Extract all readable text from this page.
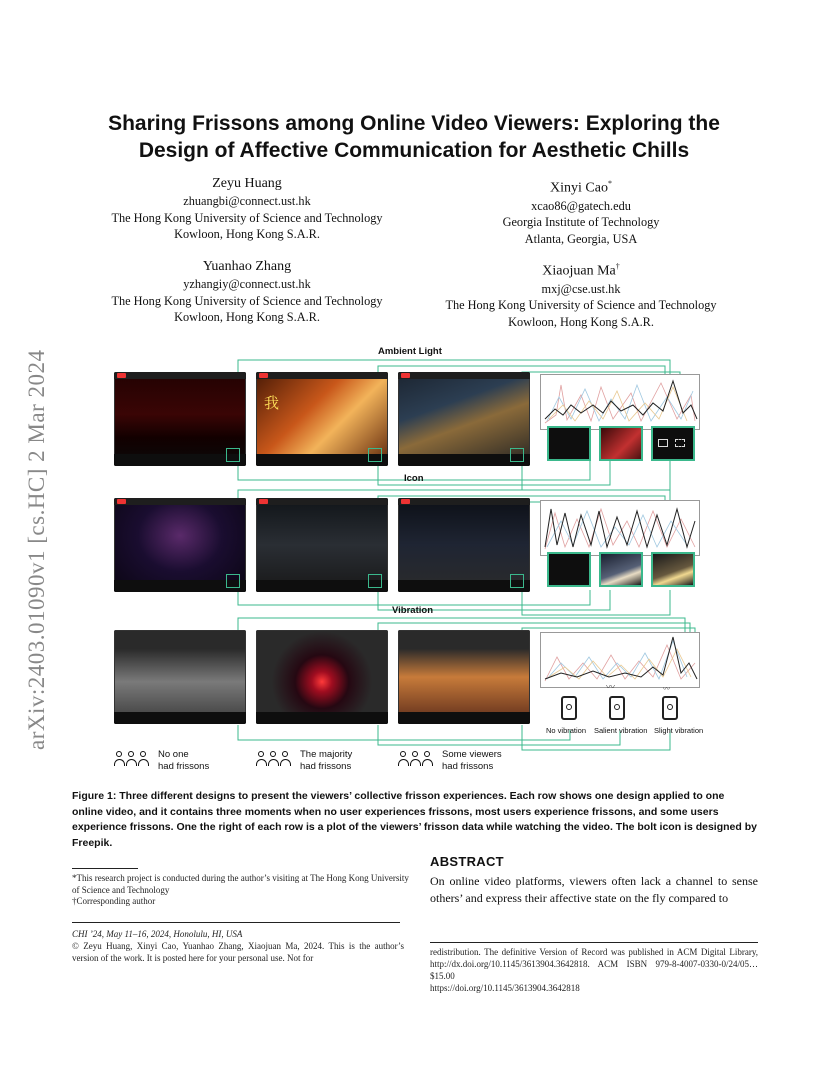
arXiv:2403.01090v1 [cs.HC] 2 Mar 2024
Sharing Frissons among Online Video Viewers: Exploring the
Design of Affective Communication for Aesthetic Chills
Zeyu Huang
zhuangbi@connect.ust.hk
The Hong Kong University of Science and Technology
Kowloon, Hong Kong S.A.R.
Xinyi Cao*
xcao86@gatech.edu
Georgia Institute of Technology
Atlanta, Georgia, USA
Yuanhao Zhang
yzhangiy@connect.ust.hk
The Hong Kong University of Science and Technology
Kowloon, Hong Kong S.A.R.
Xiaojuan Ma†
mxj@cse.ust.hk
The Hong Kong University of Science and Technology
Kowloon, Hong Kong S.A.R.
Ambient Light
Icon
Vibration
我
〰	〰
No vibration Salient vibration Slight vibration
No one
had frissons
The majority
had frissons
Some viewers
had frissons
Figure 1: Three different designs to present the viewers’ collective frisson experiences. Each row shows one design applied to one online video, and it contains three moments when no user experiences frissons, most users experience frissons, and some users experience frissons. One the right of each row is a plot of the viewers’ frisson data while watching the video. The bolt icon is designed by Freepik.
*This research project is conducted during the author’s visiting at The Hong Kong University of Science and Technology
†Corresponding author
CHI ’24, May 11–16, 2024, Honolulu, HI, USA
© Zeyu Huang, Xinyi Cao, Yuanhao Zhang, Xiaojuan Ma, 2024. This is the author’s version of the work. It is posted here for your personal use. Not for
ABSTRACT
On online video platforms, viewers often lack a channel to sense others’ and express their affective state on the fly compared to
redistribution. The definitive Version of Record was published in ACM Digital Library, http://dx.doi.org/10.1145/3613904.3642818. ACM ISBN 979-8-4007-0330-0/24/05…$15.00
https://doi.org/10.1145/3613904.3642818
